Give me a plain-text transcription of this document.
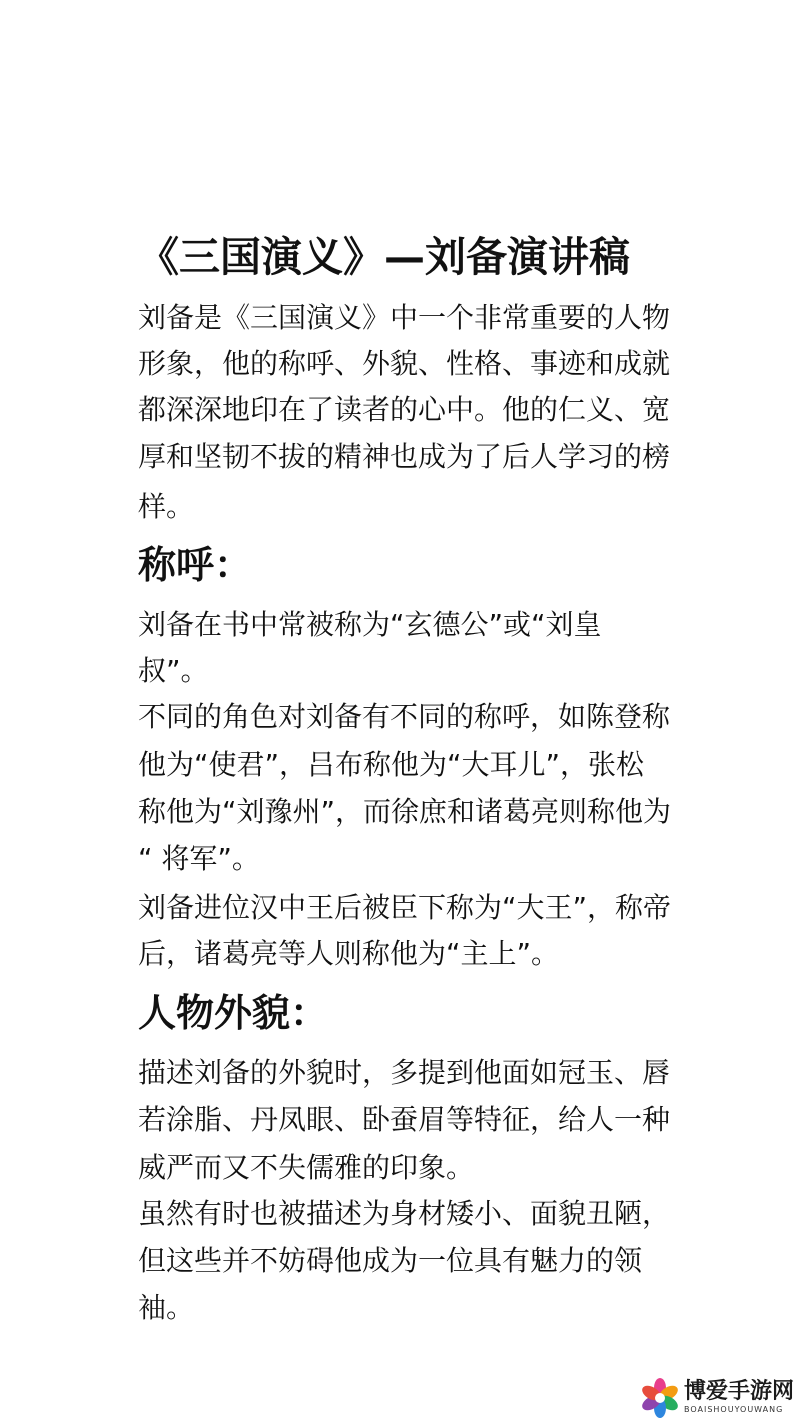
《三国演义》—刘备演讲稿

刘备是《三国演义》中一个非常重要的人物

形象，他的称呼、外貌、性格、事迹和成就

都深深地印在了读者的心中。他的仁义、宽

厚和坚韧不拔的精神也成为了后人学习的榜

样。

称呼：

刘备在书中常被称为“玄德公”或“刘皇

叔”。

不同的角色对刘备有不同的称呼，如陈登称

他为“使君”，吕布称他为“大耳儿”，张松

称他为“刘豫州”，而徐庶和诸葛亮则称他为

“ 将军”。

刘备进位汉中王后被臣下称为“大王”，称帝

后，诸葛亮等人则称他为“主上”。

人物外貌：

描述刘备的外貌时，多提到他面如冠玉、唇

若涂脂、丹凤眼、卧蚕眉等特征，给人一种

威严而又不失儒雅的印象。

虽然有时也被描述为身材矮小、面貌丑陋，

但这些并不妨碍他成为一位具有魅力的领

袖。

博爱手游网
BOAISHOUYOUWANG
